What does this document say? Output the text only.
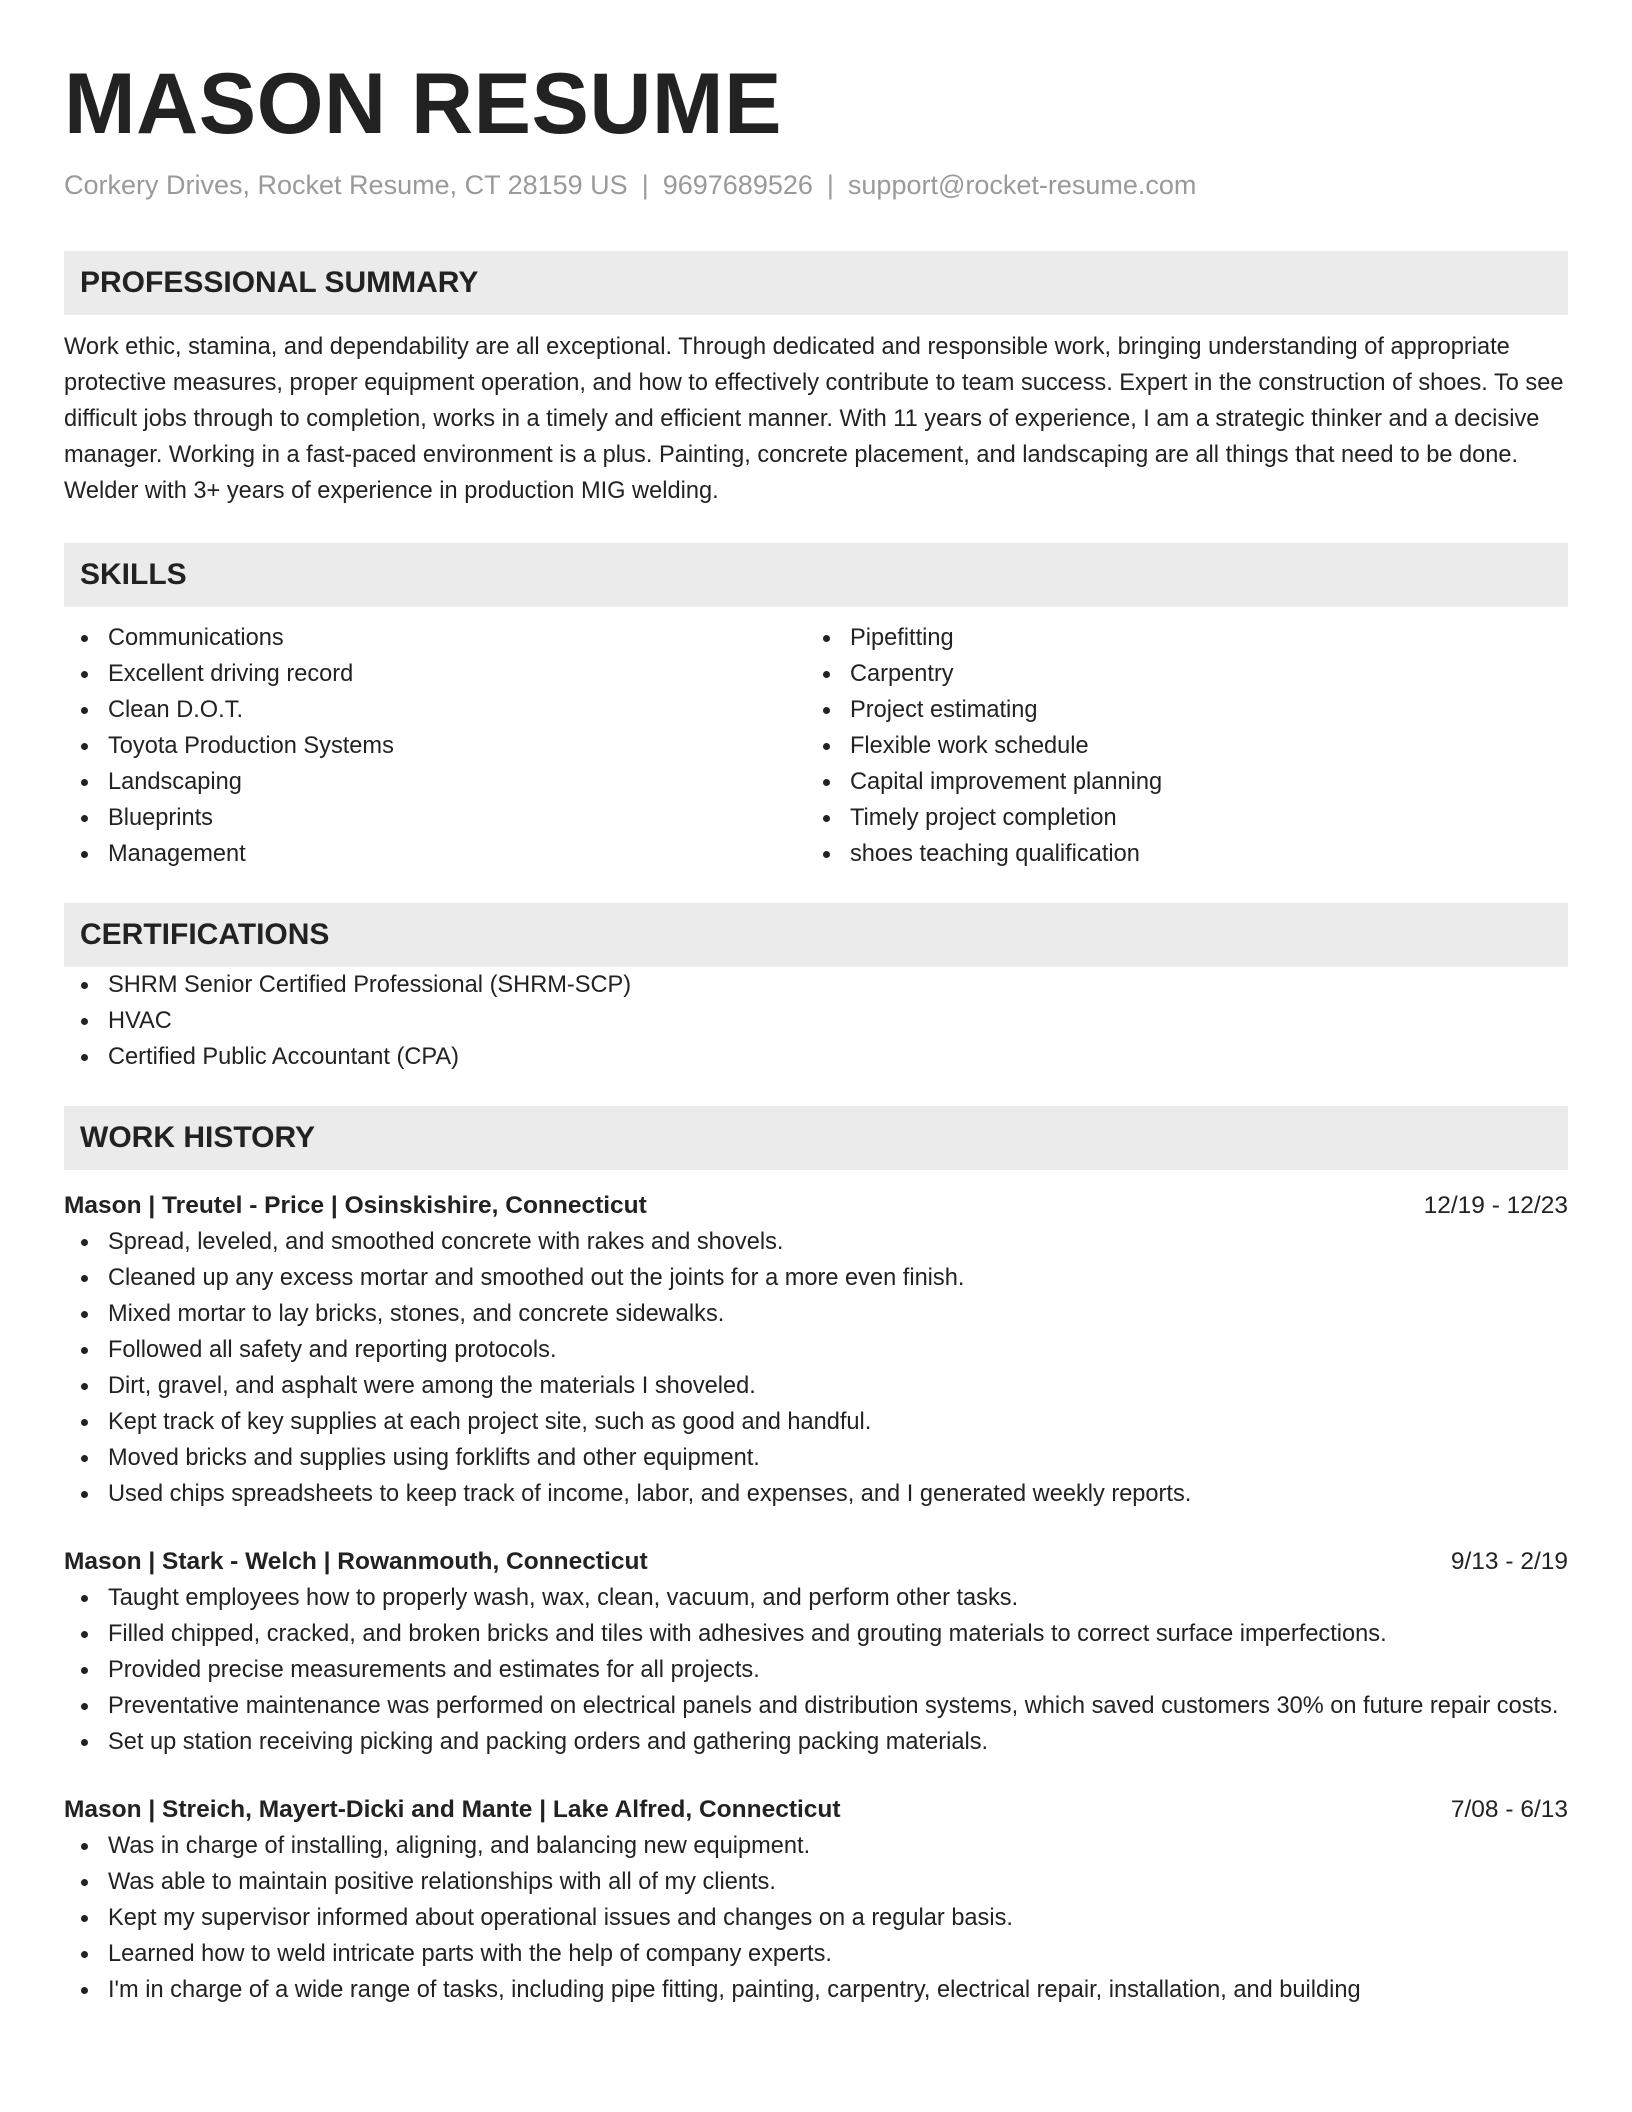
MASON RESUME
Corkery Drives, Rocket Resume, CT 28159 US | 9697689526 | support@rocket-resume.com
PROFESSIONAL SUMMARY

Work ethic, stamina, and dependability are all exceptional. Through dedicated and responsible work, bringing understanding of appropriate protective measures, proper equipment operation, and how to effectively contribute to team success. Expert in the construction of shoes. To see difficult jobs through to completion, works in a timely and efficient manner. With 11 years of experience, I am a strategic thinker and a decisive manager. Working in a fast-paced environment is a plus. Painting, concrete placement, and landscaping are all things that need to be done. Welder with 3+ years of experience in production MIG welding.

SKILLS
Communications
Excellent driving record
Clean D.O.T.
Toyota Production Systems
Landscaping
Blueprints
Management
Pipefitting
Carpentry
Project estimating
Flexible work schedule
Capital improvement planning
Timely project completion
shoes teaching qualification
CERTIFICATIONS
SHRM Senior Certified Professional (SHRM-SCP)
HVAC
Certified Public Accountant (CPA)
WORK HISTORY
Mason | Treutel - Price | Osinskishire, Connecticut	12/19 - 12/23
Spread, leveled, and smoothed concrete with rakes and shovels.
Cleaned up any excess mortar and smoothed out the joints for a more even finish.
Mixed mortar to lay bricks, stones, and concrete sidewalks.
Followed all safety and reporting protocols.
Dirt, gravel, and asphalt were among the materials I shoveled.
Kept track of key supplies at each project site, such as good and handful.
Moved bricks and supplies using forklifts and other equipment.
Used chips spreadsheets to keep track of income, labor, and expenses, and I generated weekly reports.
Mason | Stark - Welch | Rowanmouth, Connecticut	9/13 - 2/19
Taught employees how to properly wash, wax, clean, vacuum, and perform other tasks.
Filled chipped, cracked, and broken bricks and tiles with adhesives and grouting materials to correct surface imperfections.
Provided precise measurements and estimates for all projects.
Preventative maintenance was performed on electrical panels and distribution systems, which saved customers 30% on future repair costs.
Set up station receiving picking and packing orders and gathering packing materials.
Mason | Streich, Mayert-Dicki and Mante | Lake Alfred, Connecticut	7/08 - 6/13
Was in charge of installing, aligning, and balancing new equipment.
Was able to maintain positive relationships with all of my clients.
Kept my supervisor informed about operational issues and changes on a regular basis.
Learned how to weld intricate parts with the help of company experts.
I'm in charge of a wide range of tasks, including pipe fitting, painting, carpentry, electrical repair, installation, and building
